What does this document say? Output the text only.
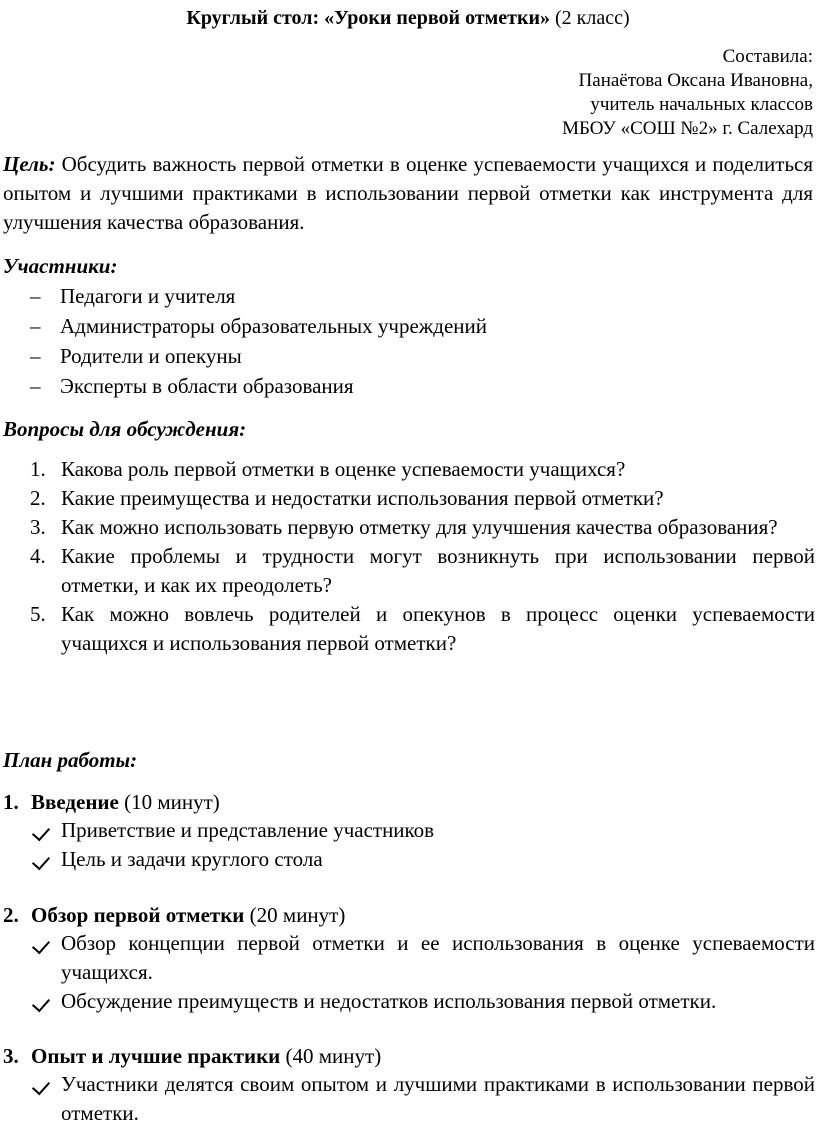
Круглый стол: «Уроки первой отметки» (2 класс)
Составила:
Панаётова Оксана Ивановна,
учитель начальных классов
МБОУ «СОШ №2» г. Салехард
Цель: Обсудить важность первой отметки в оценке успеваемости учащихся и поделиться опытом и лучшими практиками в использовании первой отметки как инструмента для улучшения качества образования.
Участники:
– Педагоги и учителя
– Администраторы образовательных учреждений
– Родители и опекуны
– Эксперты в области образования
Вопросы для обсуждения:
1. Какова роль первой отметки в оценке успеваемости учащихся?
2. Какие преимущества и недостатки использования первой отметки?
3. Как можно использовать первую отметку для улучшения качества образования?
4. Какие проблемы и трудности могут возникнуть при использовании первой отметки, и как их преодолеть?
5. Как можно вовлечь родителей и опекунов в процесс оценки успеваемости учащихся и использования первой отметки?
План работы:
1. Введение (10 минут)
Приветствие и представление участников
Цель и задачи круглого стола
2. Обзор первой отметки (20 минут)
Обзор концепции первой отметки и ее использования в оценке успеваемости учащихся.
Обсуждение преимуществ и недостатков использования первой отметки.
3. Опыт и лучшие практики (40 минут)
Участники делятся своим опытом и лучшими практиками в использовании первой отметки.
